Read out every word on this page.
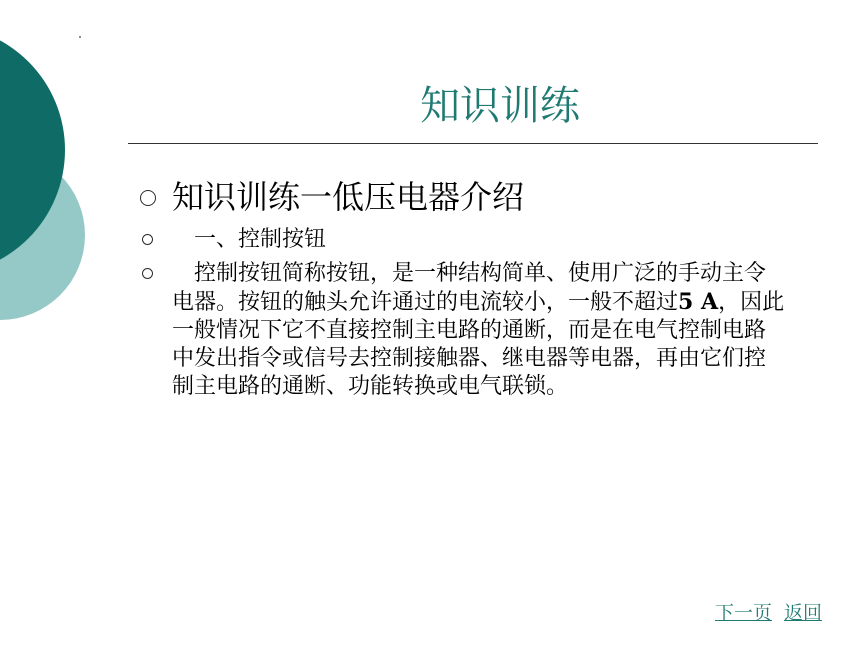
知识训练
知识训练一低压电器介绍
　一、控制按钮
　控制按钮简称按钮，是一种结构简单、使用广泛的手动主令电器。按钮的触头允许通过的电流较小，一般不超过5 A，因此一般情况下它不直接控制主电路的通断，而是在电气控制电路中发出指令或信号去控制接触器、继电器等电器，再由它们控制主电路的通断、功能转换或电气联锁。
下一页 返回
